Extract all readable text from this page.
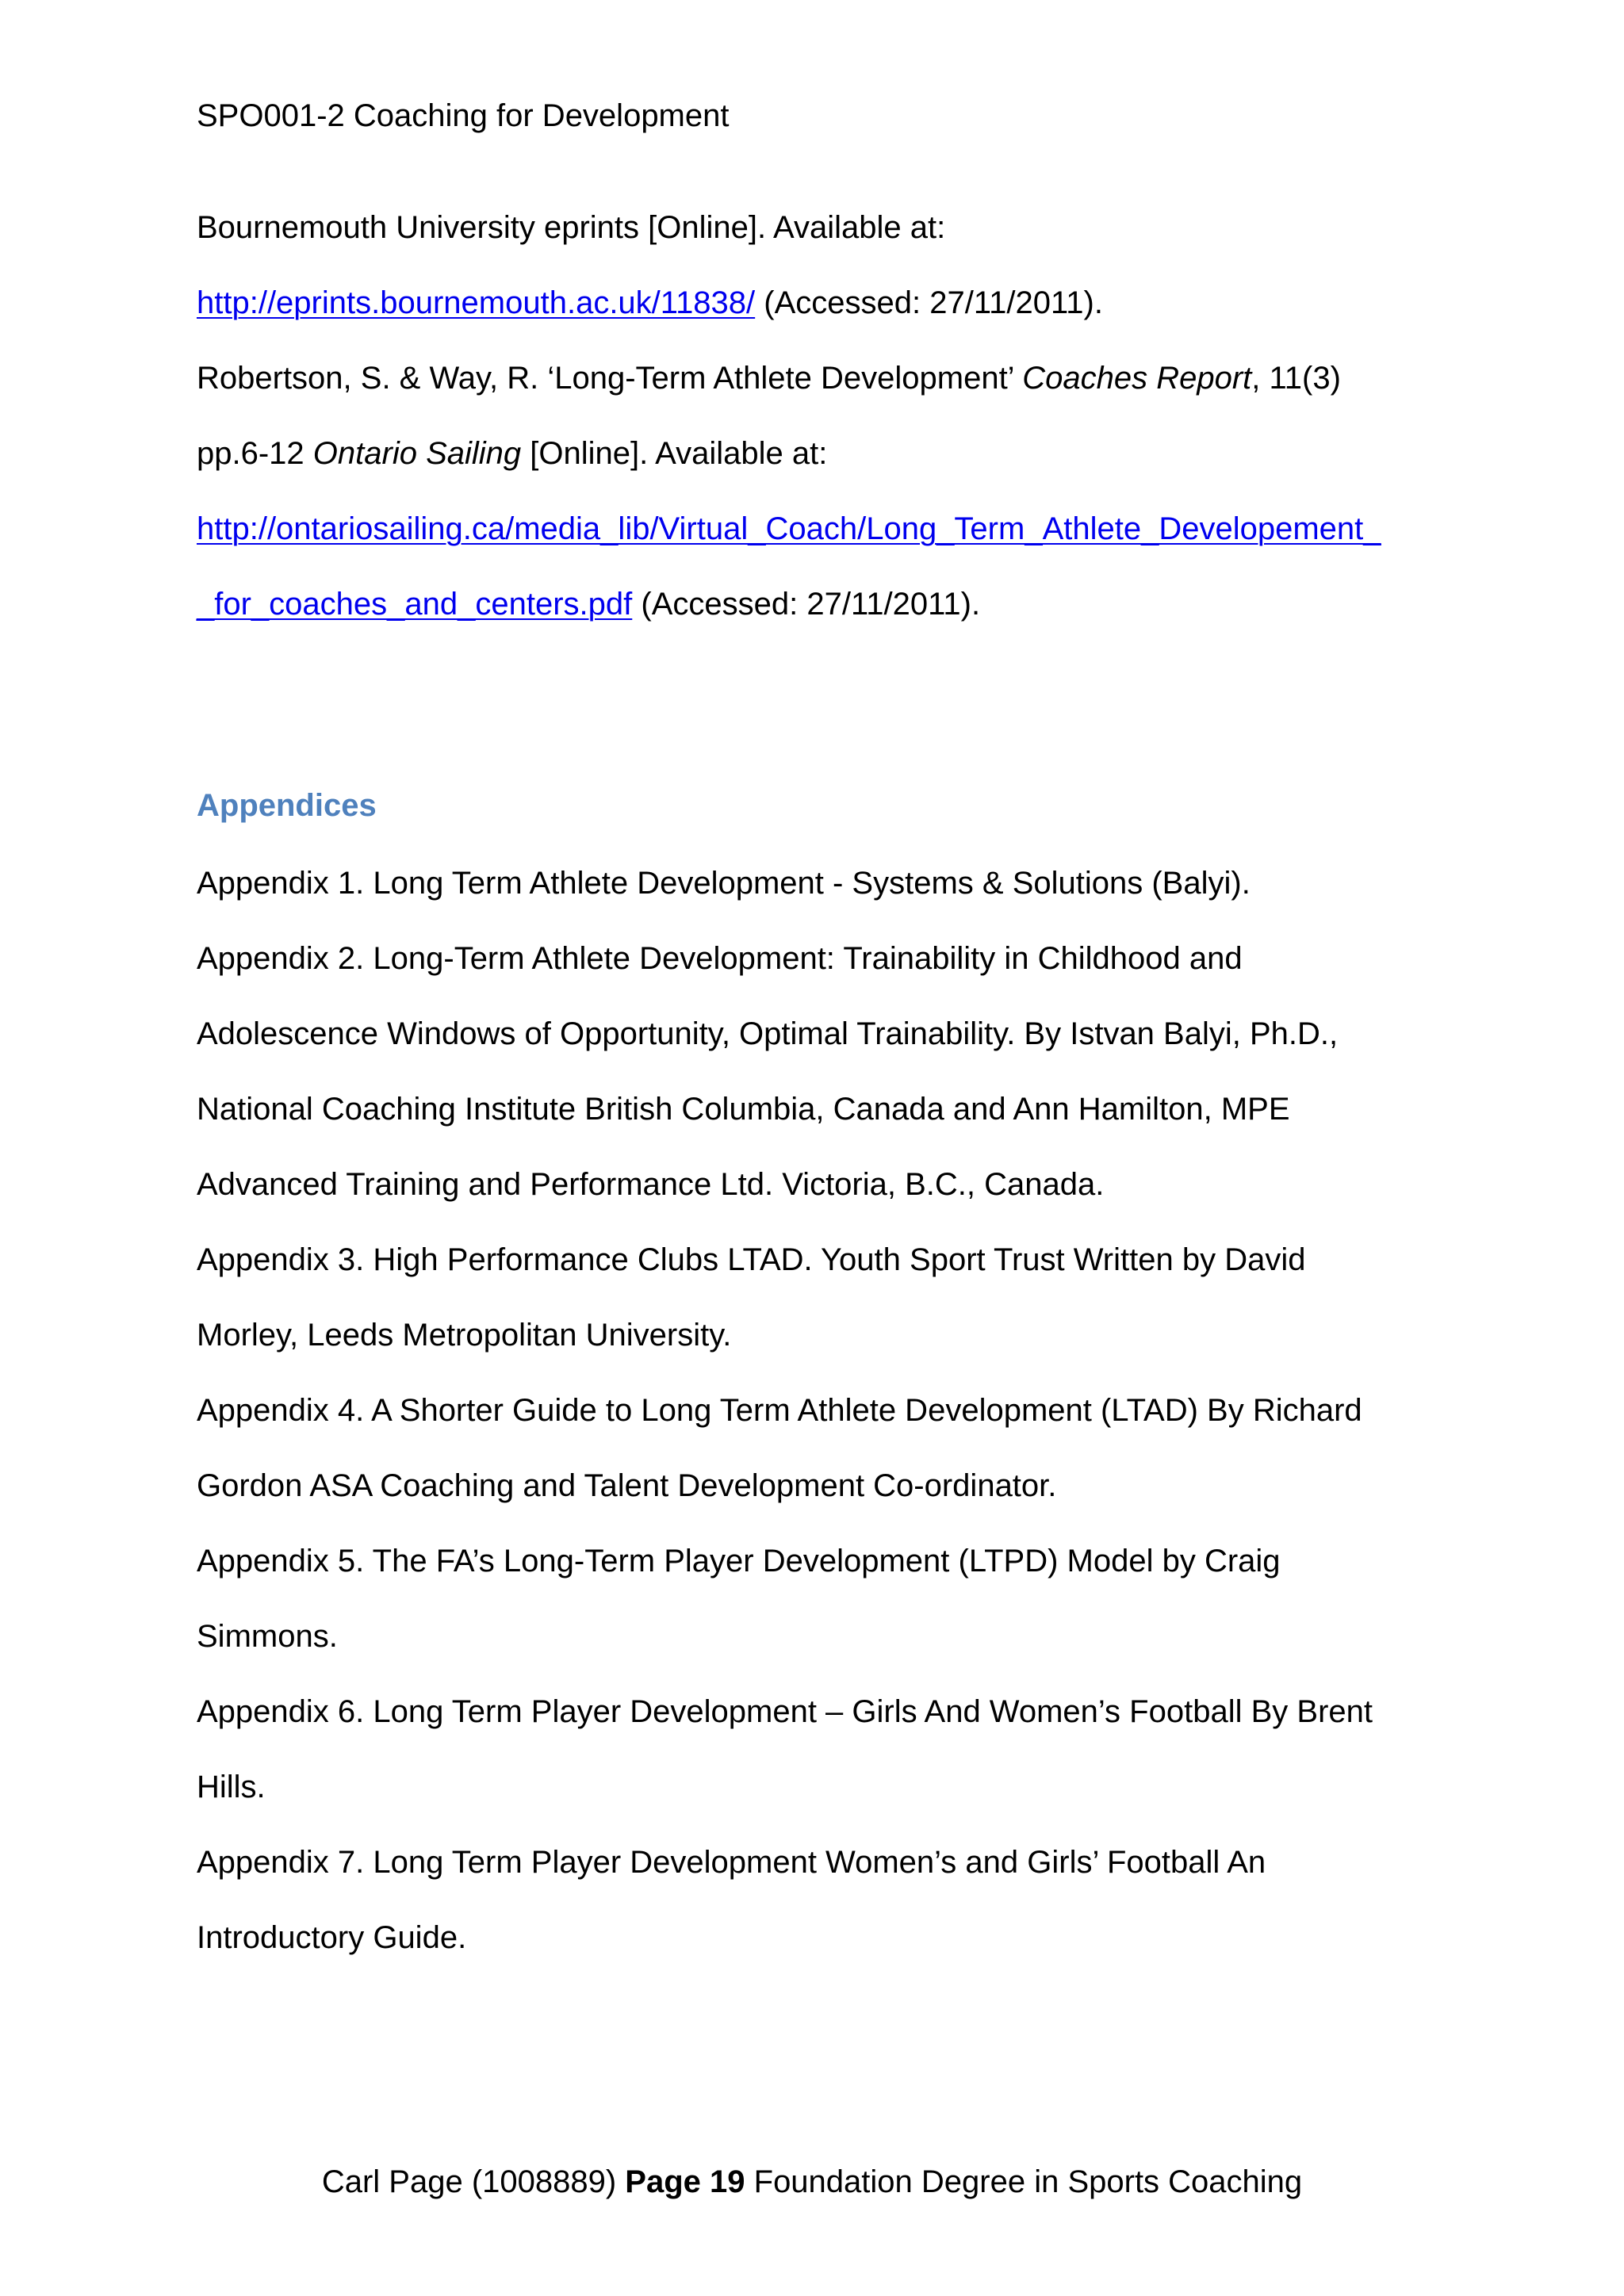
SPO001-2 Coaching for Development

Bournemouth University eprints [Online]. Available at:

http://eprints.bournemouth.ac.uk/11838/ (Accessed: 27/11/2011).

Robertson, S. & Way, R. ‘Long-Term Athlete Development’ Coaches Report, 11(3)

pp.6-12 Ontario Sailing [Online]. Available at:

http://ontariosailing.ca/media_lib/Virtual_Coach/Long_Term_Athlete_Developement_

_for_coaches_and_centers.pdf (Accessed: 27/11/2011).

Appendices

Appendix 1. Long Term Athlete Development - Systems & Solutions (Balyi).

Appendix 2. Long-Term Athlete Development: Trainability in Childhood and

Adolescence Windows of Opportunity, Optimal Trainability. By Istvan Balyi, Ph.D.,

National Coaching Institute British Columbia, Canada and Ann Hamilton, MPE

Advanced Training and Performance Ltd. Victoria, B.C., Canada.

Appendix 3. High Performance Clubs LTAD. Youth Sport Trust Written by David

Morley, Leeds Metropolitan University.

Appendix 4. A Shorter Guide to Long Term Athlete Development (LTAD) By Richard

Gordon ASA Coaching and Talent Development Co-ordinator.

Appendix 5. The FA’s Long-Term Player Development (LTPD) Model by Craig

Simmons.

Appendix 6. Long Term Player Development – Girls And Women’s Football By Brent

Hills.

Appendix 7. Long Term Player Development Women’s and Girls’ Football An

Introductory Guide.

Carl Page (1008889) Page 19 Foundation Degree in Sports Coaching
